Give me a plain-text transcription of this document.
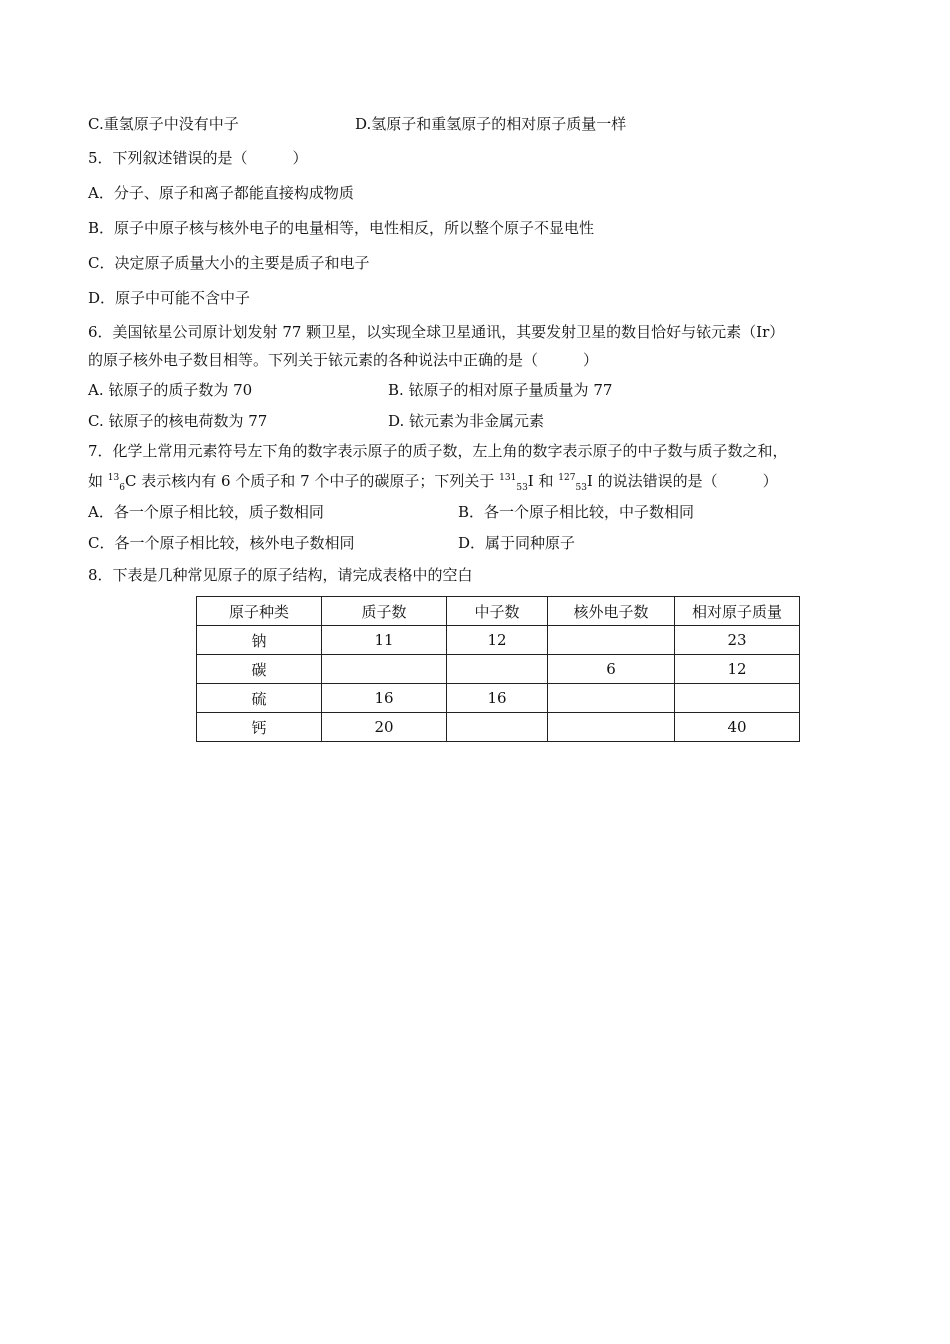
C.重氢原子中没有中子	D.氢原子和重氢原子的相对原子质量一样
5．下列叙述错误的是（　　　）
A．分子、原子和离子都能直接构成物质
B．原子中原子核与核外电子的电量相等，电性相反，所以整个原子不显电性
C．决定原子质量大小的主要是质子和电子
D．原子中可能不含中子
6．美国铱星公司原计划发射 77 颗卫星，以实现全球卫星通讯，其要发射卫星的数目恰好与铱元素（Ir）
的原子核外电子数目相等。下列关于铱元素的各种说法中正确的是（　　　）
A. 铱原子的质子数为 70	B. 铱原子的相对原子量质量为 77
C. 铱原子的核电荷数为 77	D. 铱元素为非金属元素
7．化学上常用元素符号左下角的数字表示原子的质子数，左上角的数字表示原子的中子数与质子数之和，
如 $^{13}_6$C 表示核内有 6 个质子和 7 个中子的碳原子；下列关于 $^{131}_{53}$I 和 $^{127}_{53}$I 的说法错误的是（　　　）
A．各一个原子相比较，质子数相同	B．各一个原子相比较，中子数相同
C．各一个原子相比较，核外电子数相同	D．属于同种原子
8．下表是几种常见原子的原子结构，请完成表格中的空白
原子种类	质子数	中子数	核外电子数	相对原子质量
钠	11	12		23
碳			6	12
硫	16	16		
钙	20			40
